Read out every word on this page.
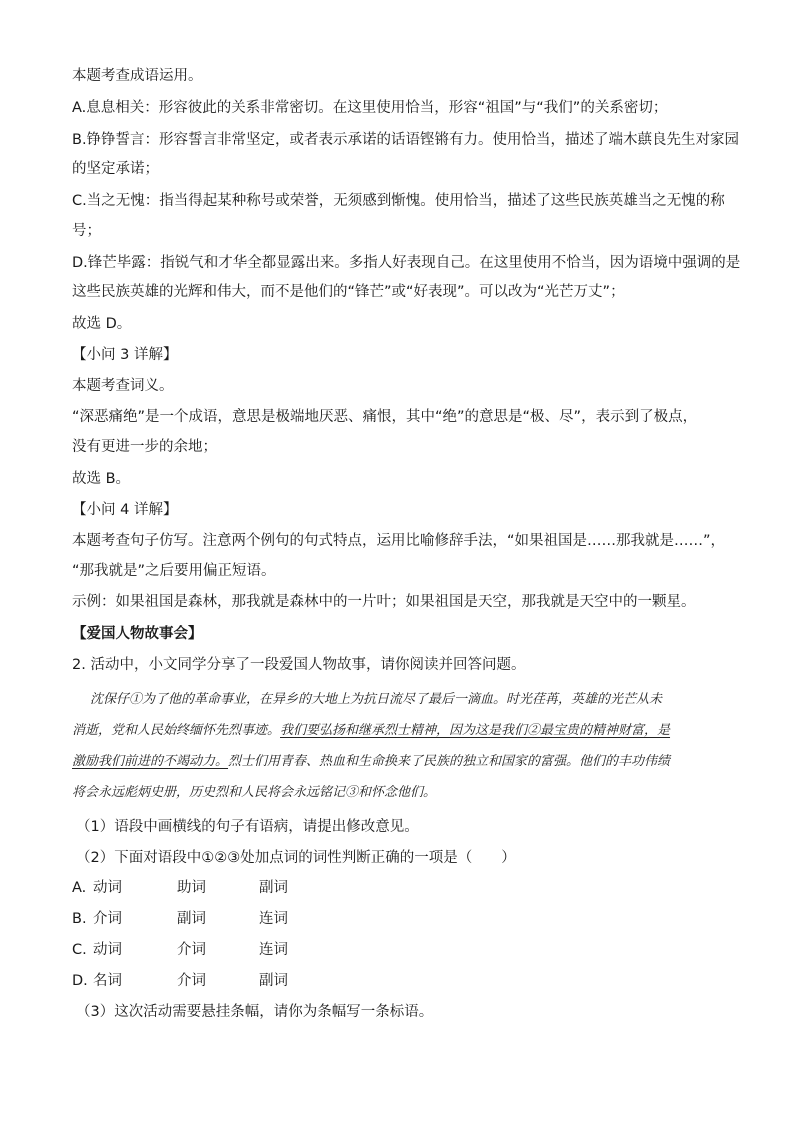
本题考查成语运用。
A.息息相关：形容彼此的关系非常密切。在这里使用恰当，形容“祖国”与“我们”的关系密切；
B.铮铮誓言：形容誓言非常坚定，或者表示承诺的话语铿锵有力。使用恰当，描述了端木蕻良先生对家园
的坚定承诺；
C.当之无愧：指当得起某种称号或荣誉，无须感到惭愧。使用恰当，描述了这些民族英雄当之无愧的称
号；
D.锋芒毕露：指锐气和才华全都显露出来。多指人好表现自己。在这里使用不恰当，因为语境中强调的是
这些民族英雄的光辉和伟大，而不是他们的“锋芒”或“好表现”。可以改为“光芒万丈”；
故选 D。
【小问 3 详解】
本题考查词义。
“深恶痛绝”是一个成语，意思是极端地厌恶、痛恨，其中“绝”的意思是“极、尽”，表示到了极点，
没有更进一步的余地；
故选 B。
【小问 4 详解】
本题考查句子仿写。注意两个例句的句式特点，运用比喻修辞手法，“如果祖国是……那我就是……”，
“那我就是”之后要用偏正短语。
示例：如果祖国是森林，那我就是森林中的一片叶；如果祖国是天空，那我就是天空中的一颗星。
【爱国人物故事会】
2. 活动中，小文同学分享了一段爱国人物故事，请你阅读并回答问题。
沈保仔①为了他的革命事业，在异乡的大地上为抗日流尽了最后一滴血。时光荏苒，英雄的光芒从未
消逝，党和人民始终缅怀先烈事迹。我们要弘扬和继承烈士精神，因为这是我们②最宝贵的精神财富，是
激励我们前进的不竭动力。烈士们用青春、热血和生命换来了民族的独立和国家的富强。他们的丰功伟绩
将会永远彪炳史册，历史烈和人民将会永远铭记③和怀念他们。
（1）语段中画横线的句子有语病，请提出修改意见。
（2）下面对语段中①②③处加点词的词性判断正确的一项是（　　）
A. 动词	助词	副词
B. 介词	副词	连词
C. 动词	介词	连词
D. 名词	介词	副词
（3）这次活动需要悬挂条幅，请你为条幅写一条标语。
